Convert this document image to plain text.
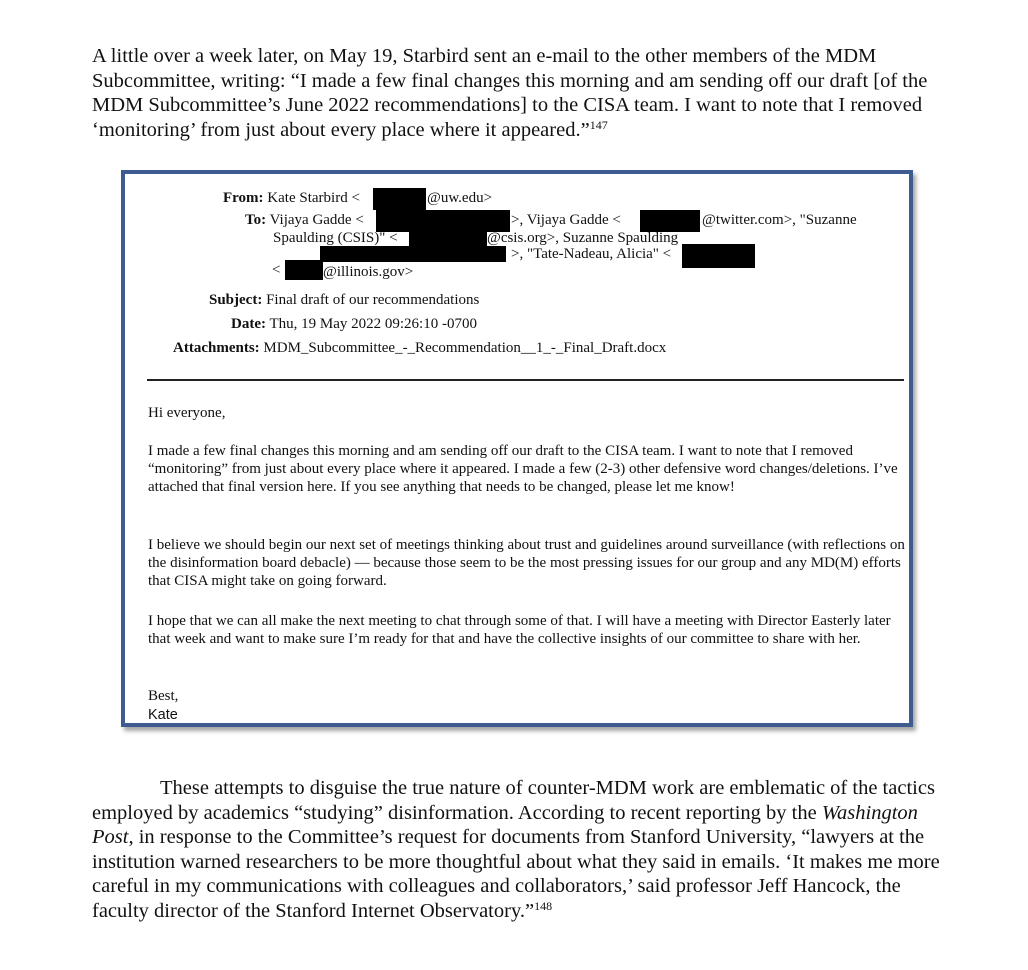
A little over a week later, on May 19, Starbird sent an e-mail to the other members of the MDM Subcommittee, writing: “I made a few final changes this morning and am sending off our draft [of the MDM Subcommittee’s June 2022 recommendations] to the CISA team. I want to note that I removed ‘monitoring’ from just about every place where it appeared.”$^{147}$

From: Kate Starbird <	@uw.edu>
To: Vijaya Gadde <	>, Vijaya Gadde <	@twitter.com>, "Suzanne
Spaulding (CSIS)" <	@csis.org>, Suzanne Spaulding
>, "Tate-Nadeau, Alicia" <
<	@illinois.gov>
Subject: Final draft of our recommendations
Date: Thu, 19 May 2022 09:26:10 -0700
Attachments: MDM_Subcommittee_-_Recommendation__1_-_Final_Draft.docx

Hi everyone,

I made a few final changes this morning and am sending off our draft to the CISA team. I want to note that I removed “monitoring” from just about every place where it appeared. I made a few (2-3) other defensive word changes/deletions. I’ve attached that final version here. If you see anything that needs to be changed, please let me know!

I believe we should begin our next set of meetings thinking about trust and guidelines around surveillance (with reflections on the disinformation board debacle) — because those seem to be the most pressing issues for our group and any MD(M) efforts that CISA might take on going forward.

I hope that we can all make the next meeting to chat through some of that. I will have a meeting with Director Easterly later that week and want to make sure I’m ready for that and have the collective insights of our committee to share with her.

Best,

Kate

These attempts to disguise the true nature of counter-MDM work are emblematic of the tactics employed by academics “studying” disinformation. According to recent reporting by the Washington Post, in response to the Committee’s request for documents from Stanford University, “lawyers at the institution warned researchers to be more thoughtful about what they said in emails. ‘It makes me more careful in my communications with colleagues and collaborators,’ said professor Jeff Hancock, the faculty director of the Stanford Internet Observatory.”$^{148}$
